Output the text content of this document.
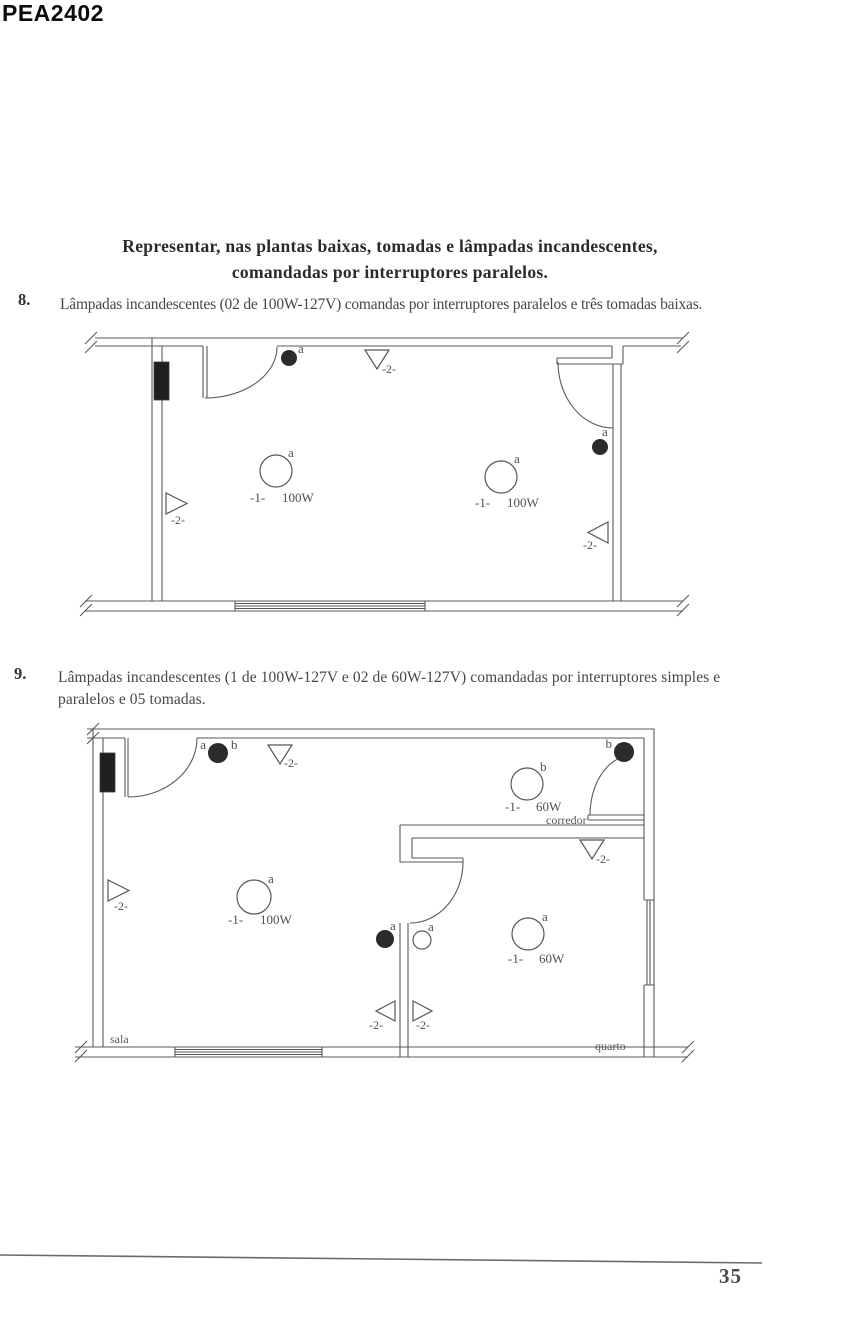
PEA2402
Representar, nas plantas baixas, tomadas e lâmpadas incandescentes,
comandadas por interruptores paralelos.
8. Lâmpadas incandescentes (02 de 100W-127V) comandas por interruptores paralelos e três tomadas baixas.
a
-2-
a
-1- 100W
a
-1- 100W
a
-2-
-2-
9. Lâmpadas incandescentes (1 de 100W-127V e 02 de 60W-127V) comandadas por interruptores simples e paralelos e 05 tomadas.
a b
-2-	b
-1- 60W
corredor
b
-2-
a
-1- 100W
-2-
a a
-2-	-2-
a
-1- 60W
sala	quarto
35
